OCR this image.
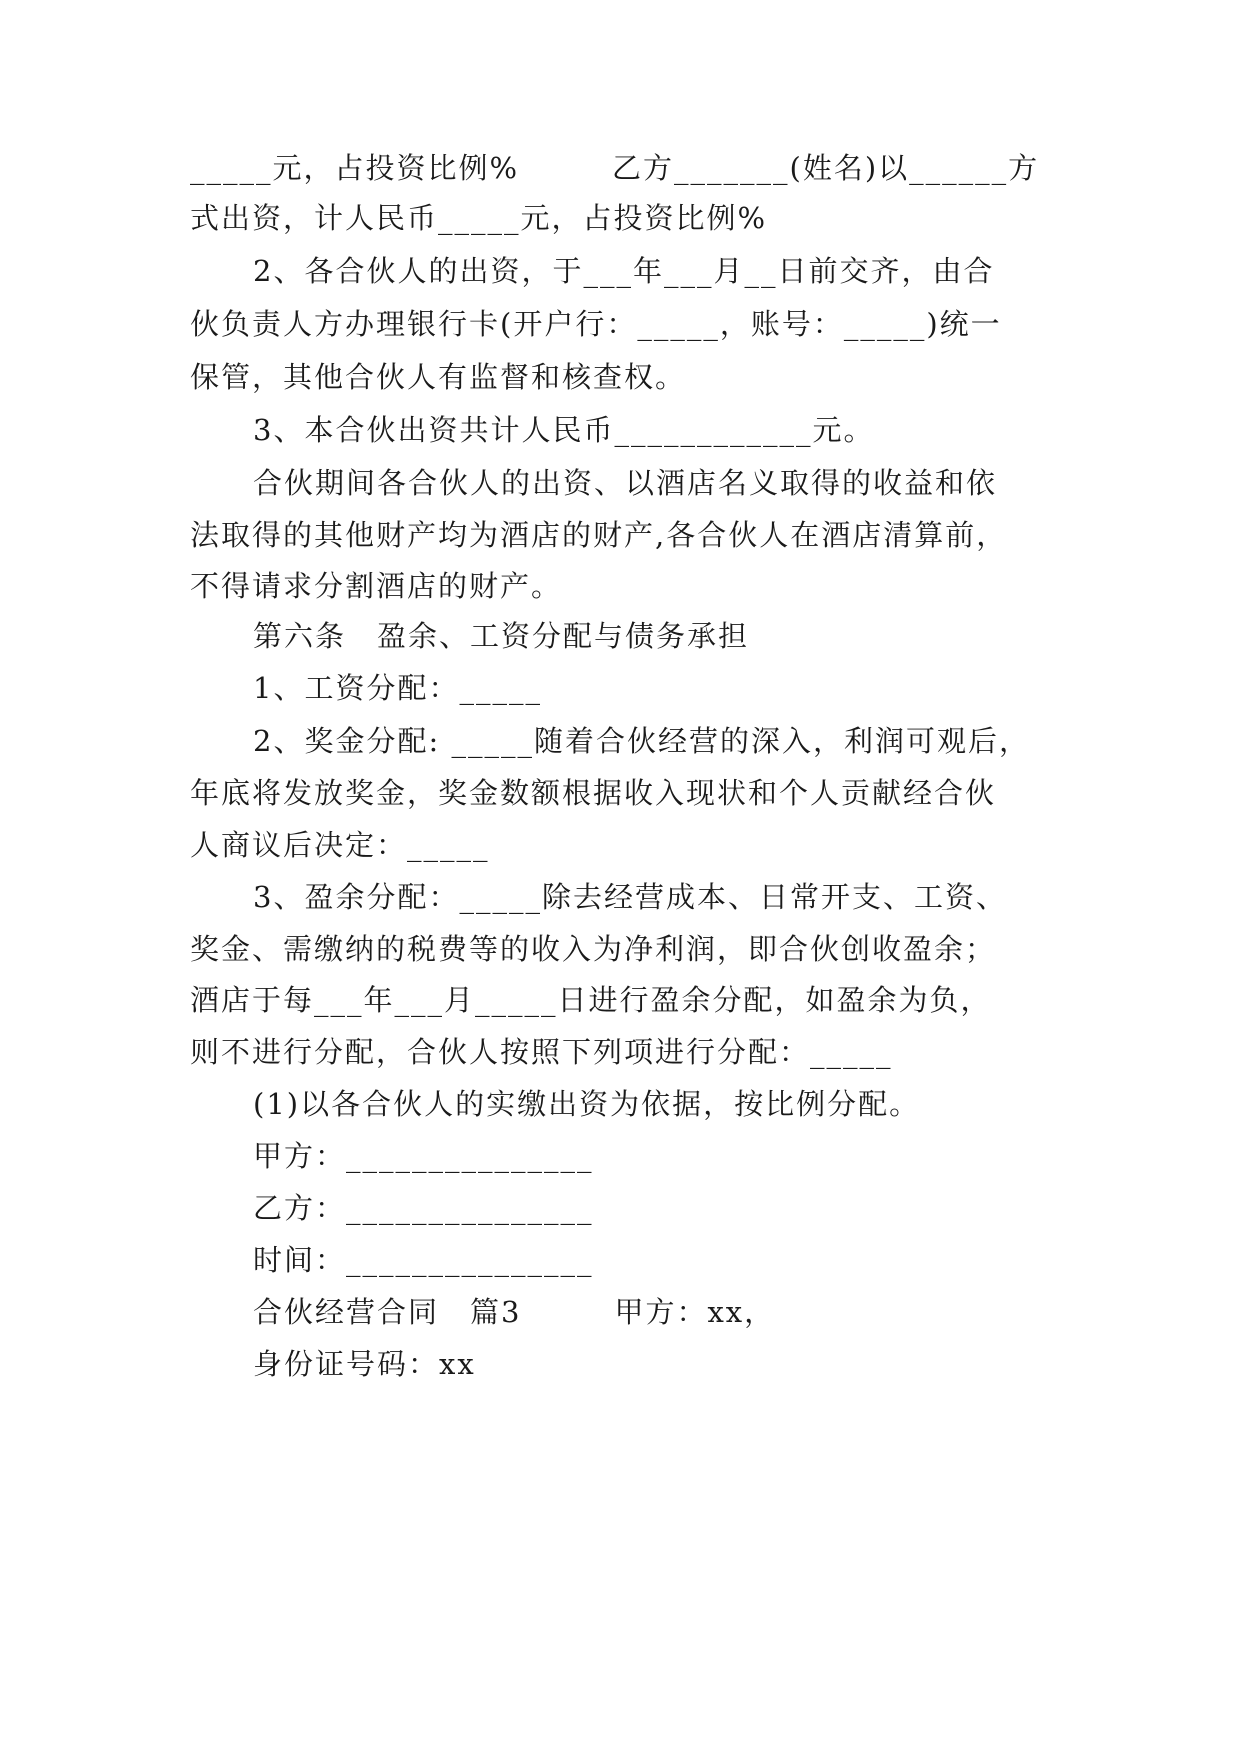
_____元，占投资比例%　　　乙方_______(姓名)以______方
式出资，计人民币_____元，占投资比例%
2、各合伙人的出资，于___年___月__日前交齐，由合
伙负责人方办理银行卡(开户行：_____，账号：_____)统一
保管，其他合伙人有监督和核查权。
3、本合伙出资共计人民币____________元。
合伙期间各合伙人的出资、以酒店名义取得的收益和依
法取得的其他财产均为酒店的财产,各合伙人在酒店清算前，
不得请求分割酒店的财产。
第六条　盈余、工资分配与债务承担
1、工资分配：_____
2、奖金分配: _____随着合伙经营的深入，利润可观后，
年底将发放奖金，奖金数额根据收入现状和个人贡献经合伙
人商议后决定：_____
3、盈余分配：_____除去经营成本、日常开支、工资、
奖金、需缴纳的税费等的收入为净利润，即合伙创收盈余；
酒店于每___年___月_____日进行盈余分配，如盈余为负，
则不进行分配，合伙人按照下列项进行分配：_____
(1)以各合伙人的实缴出资为依据，按比例分配。
甲方：_______________
乙方：_______________
时间：_______________
合伙经营合同　篇3　　　甲方：xx，
身份证号码：xx
